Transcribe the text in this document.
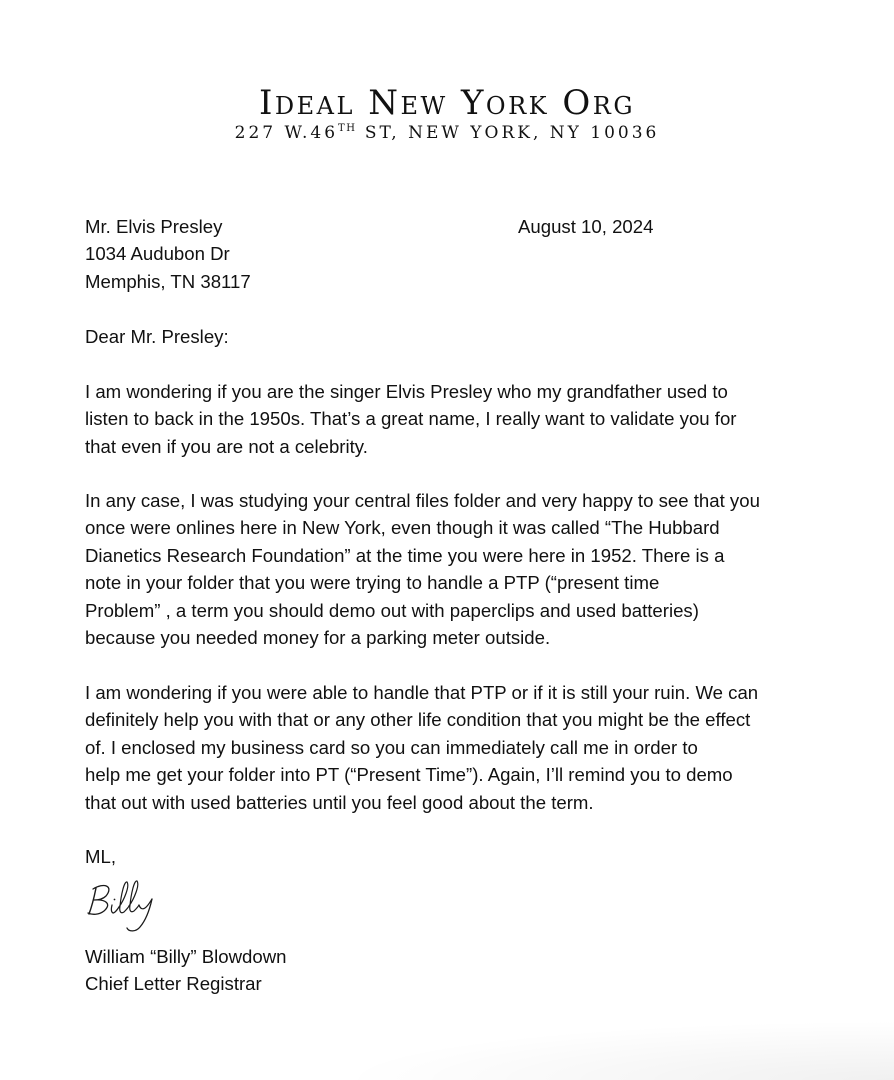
Ideal New York Org
227 W.46TH ST, NEW YORK, NY 10036
Mr. Elvis Presley
1034 Audubon Dr
Memphis, TN 38117
August 10, 2024
Dear Mr. Presley:
I am wondering if you are the singer Elvis Presley who my grandfather used to
listen to back in the 1950s. That’s a great name, I really want to validate you for
that even if you are not a celebrity.
In any case, I was studying your central files folder and very happy to see that you
once were onlines here in New York, even though it was called “The Hubbard
Dianetics Research Foundation” at the time you were here in 1952. There is a
note in your folder that you were trying to handle a PTP (“present time
Problem” , a term you should demo out with paperclips and used batteries)
because you needed money for a parking meter outside.
I am wondering if you were able to handle that PTP or if it is still your ruin. We can
definitely help you with that or any other life condition that you might be the effect
of. I enclosed my business card so you can immediately call me in order to
help me get your folder into PT (“Present Time”). Again, I’ll remind you to demo
that out with used batteries until you feel good about the term.
ML,
William “Billy” Blowdown
Chief Letter Registrar
